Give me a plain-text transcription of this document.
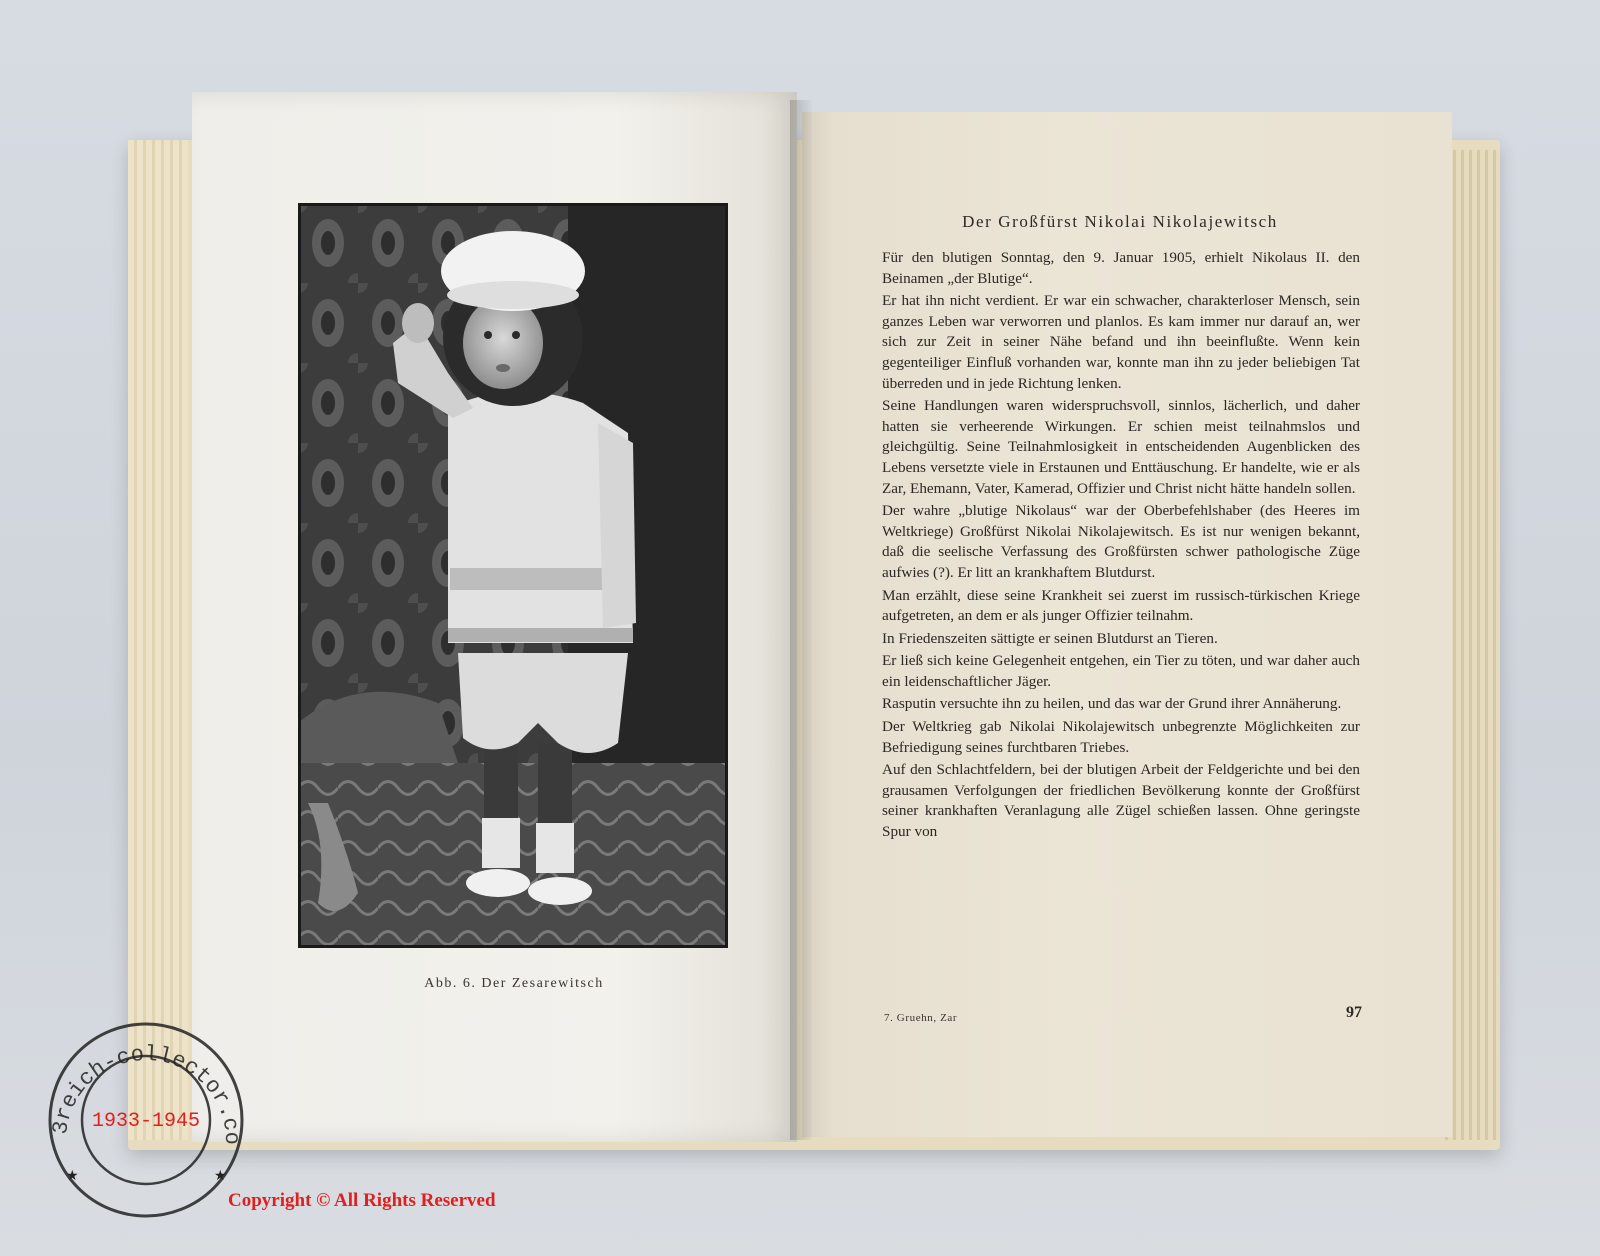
Abb. 6. Der Zesarewitsch
Der Großfürst Nikolai Nikolajewitsch

Für den blutigen Sonntag, den 9. Januar 1905, erhielt Nikolaus II. den Beinamen „der Blutige“.

Er hat ihn nicht verdient. Er war ein schwacher, charakterloser Mensch, sein ganzes Leben war verworren und planlos. Es kam immer nur darauf an, wer sich zur Zeit in seiner Nähe befand und ihn beeinflußte. Wenn kein gegenteiliger Einfluß vorhanden war, konnte man ihn zu jeder beliebigen Tat überreden und in jede Richtung lenken.

Seine Handlungen waren widerspruchsvoll, sinnlos, lächerlich, und daher hatten sie verheerende Wirkungen. Er schien meist teilnahmslos und gleichgültig. Seine Teilnahmlosigkeit in entscheidenden Augenblicken des Lebens versetzte viele in Erstaunen und Enttäuschung. Er handelte, wie er als Zar, Ehemann, Vater, Kamerad, Offizier und Christ nicht hätte handeln sollen.

Der wahre „blutige Nikolaus“ war der Oberbefehlshaber (des Heeres im Weltkriege) Großfürst Nikolai Nikolajewitsch. Es ist nur wenigen bekannt, daß die seelische Verfassung des Großfürsten schwer pathologische Züge aufwies (?). Er litt an krankhaftem Blutdurst.

Man erzählt, diese seine Krankheit sei zuerst im russisch-türkischen Kriege aufgetreten, an dem er als junger Offizier teilnahm.

In Friedenszeiten sättigte er seinen Blutdurst an Tieren.

Er ließ sich keine Gelegenheit entgehen, ein Tier zu töten, und war daher auch ein leidenschaftlicher Jäger.

Rasputin versuchte ihn zu heilen, und das war der Grund ihrer Annäherung.

Der Weltkrieg gab Nikolai Nikolajewitsch unbegrenzte Möglichkeiten zur Befriedigung seines furchtbaren Triebes.

Auf den Schlachtfeldern, bei der blutigen Arbeit der Feldgerichte und bei den grausamen Verfolgungen der friedlichen Bevölkerung konnte der Großfürst seiner krankhaften Veranlagung alle Zügel schießen lassen. Ohne geringste Spur von

7. Gruehn, Zar	97
3reich-collector.co
1933-1945
★	★
Copyright © All Rights Reserved
